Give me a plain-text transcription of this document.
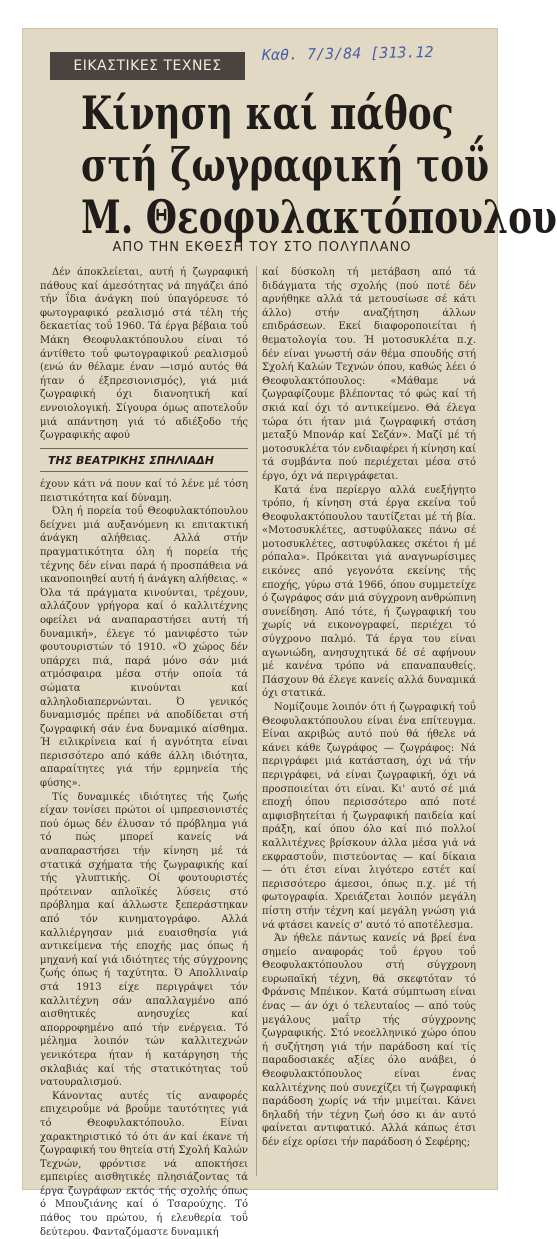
ΕΙΚΑΣΤΙΚΕΣ ΤΕΧΝΕΣ
Καθ. 7/3/84 [313.12
Κίνηση καί πάθος
στή ζωγραφική τοΰ
Μ. Θεοφυλακτόπουλου
ΑΠΟ ΤΗΝ ΕΚΘΕΣΗ ΤΟΥ ΣΤΟ ΠΟΛΥΠΛΑΝΟ

Δέν άποκλείεται, αυτή ή ζωγραφική πάθους καί άμεσότητας νά πηγάζει άπό τήν ΐδια άνάγκη πού ύπαγόρευσε τό φωτογραφικό ρεαλισμό στά τέλη τής δεκαετίας τοΰ 1960. Τά έργα βέβαια τοΰ Μάκη Θεοφυλακτόπουλου είναι τό άντίθετο τοΰ φωτογραφικοΰ ρεαλισμοΰ (ενώ άν θέλαμε έναν —ισμό αυτός θά ήταν ό έξπρεσιονισμός), γιά μιά ζωγραφική όχι διανοητική καί εννοιολογική. Σίγουρα όμως αποτελοΰν μιά απάντηση γιά τό αδιέξοδο τής ζωγραφικής αφού

ΤΗΣ ΒΕΑΤΡΙΚΗΣ ΣΠΗΛΙΑΔΗ

έχουν κάτι νά πουν καί τό λένε μέ τόση πειστικότητα καί δύναμη.

Όλη ή πορεία τοΰ Θεοφυλακτόπουλου δείχνει μιά αυξανόμενη κι επιτακτική άνάγκη αλήθειας. Αλλά στήν πραγματικότητα όλη ή πορεία τής τέχνης δέν είναι παρά ή προσπάθεια νά ικανοποιηθεί αυτή ή άνάγκη αλήθειας. « Όλα τά πράγματα κινούνται, τρέχουν, αλλάζουν γρήγορα καί ό καλλιτέχνης οφείλει νά αναπαραστήσει αυτή τή δυναμική», έλεγε τό μανιφέστο τών φουτουριστών τό 1910. «Ό χώρος δέν υπάρχει πιά, παρά μόνο σάν μιά ατμόσφαιρα μέσα στήν οποία τά σώματα κινούνται καί αλληλοδιαπερνώνται. Ό γενικός δυναμισμός πρέπει νά αποδίδεται στή ζωγραφική σάν ένα δυναμικό αίσθημα. Ή ειλικρίνεια καί ή αγνότητα είναι περισσότερο από κάθε άλλη ιδιότητα, απαραίτητες γιά τήν ερμηνεία τής φύσης».

Τίς δυναμικές ιδιότητες τής ζωής είχαν τονίσει πρώτοι οί ιμπρεσιονιστές πού όμως δέν έλυσαν τό πρόβλημα γιά τό πώς μπορεί κανείς νά αναπαραστήσει τήν κίνηση μέ τά στατικά σχήματα τής ζωγραφικής καί τής γλυπτικής. Οί φουτουριστές πρότειναν απλοϊκές λύσεις στό πρόβλημα καί άλλωστε ξεπεράστηκαν από τόν κινηματογράφο. Αλλά καλλιέργησαν μιά ευαισθησία γιά αντικείμενα τής εποχής μας όπως ή μηχανή καί γιά ιδιότητες τής σύγχρονης ζωής όπως ή ταχύτητα. Ό Απολλιναίρ στά 1913 είχε περιγράψει τόν καλλιτέχνη σάν απαλλαγμένο από αισθητικές ανησυχίες καί απορροφημένο από τήν ενέργεια. Τό μέλημα λοιπόν τών καλλιτεχνών γενικότερα ήταν ή κατάργηση τής σκλαβιάς καί τής στατικότητας τοΰ νατουραλισμού.

Κάνοντας αυτές τίς αναφορές επιχειροΰμε νά βροΰμε ταυτότητες γιά τό Θεοφυλακτόπουλο. Είναι χαρακτηριστικό τό ότι άν καί έκανε τή ζωγραφική του θητεία στή Σχολή Καλών Τεχνών, φρόντισε νά αποκτήσει εμπειρίες αισθητικές πλησιάζοντας τά έργα ζωγράφων εκτός τής σχολής όπως ό Μπουζιάνης καί ό Τσαρούχης. Τό πάθος του πρώτου, ή ελευθερία τοΰ δεύτερου. Φανταζόμαστε δυναμική

καί δύσκολη τή μετάβαση από τά διδάγματα τής σχολής (πού ποτέ δέν αρνήθηκε αλλά τά μετουσίωσε σέ κάτι άλλο) στήν αναζήτηση άλλων επιδράσεων. Εκεί διαφοροποιείται ή θεματολογία του. Ή μοτοσυκλέτα π.χ. δέν είναι γνωστή σάν θέμα σπουδής στή Σχολή Καλών Τεχνών όπου, καθώς λέει ό Θεοφυλακτόπουλος: «Μάθαμε νά ζωγραφίζουμε βλέποντας τό φώς καί τή σκιά καί όχι τό αντικείμενο. Θά έλεγα τώρα ότι ήταν μιά ζωγραφική στάση μεταξύ Μπονάρ καί Σεζάν». Μαζί μέ τή μοτοσυκλέτα τόν ενδιαφέρει ή κίνηση καί τά συμβάντα πού περιέχεται μέσα στό έργο, όχι νά περιγράφεται.

Κατά ένα περίεργο αλλά ευεξήγητο τρόπο, ή κίνηση στά έργα εκείνα τοΰ Θεοφυλακτόπουλου ταυτίζεται μέ τή βία. «Μοτοσυκλέτες, αστυφύλακες πάνω σέ μοτοσυκλέτες, αστυφύλακες σκέτοι ή μέ ρόπαλα». Πρόκειται γιά αναγνωρίσιμες εικόνες από γεγονότα εκείνης τής εποχής, γύρω στά 1966, όπου συμμετείχε ό ζωγράφος σάν μιά σύγχρονη ανθρώπινη συνείδηση. Από τότε, ή ζωγραφική του χωρίς νά εικονογραφεί, περιέχει τό σύγχρονο παλμό. Τά έργα του είναι αγωνιώδη, ανησυχητικά δέ σέ αφήνουν μέ κανένα τρόπο νά επαναπαυθείς. Πάσχουν θά έλεγε κανείς αλλά δυναμικά όχι στατικά.

Νομίζουμε λοιπόν ότι ή ζωγραφική τοΰ Θεοφυλακτόπουλου είναι ένα επίτευγμα. Είναι ακριβώς αυτό πού θά ήθελε νά κάνει κάθε ζωγράφος — ζωγράφος: Νά περιγράφει μιά κατάσταση, όχι νά τήν περιγράφει, νά είναι ζωγραφική, όχι νά προσποιείται ότι είναι. Κι' αυτό σέ μιά εποχή όπου περισσότερο από ποτέ αμφισβητείται ή ζωγραφική παιδεία καί πράξη, καί όπου όλο καί πιό πολλοί καλλιτέχνες βρίσκουν άλλα μέσα γιά νά εκφραστοΰν, πιστεύοντας — καί δίκαια — ότι έτσι είναι λιγότερο εστέτ καί περισσότερο άμεσοι, όπως π.χ. μέ τή φωτογραφία. Χρειάζεται λοιπόν μεγάλη πίστη στήν τέχνη καί μεγάλη γνώση γιά νά φτάσει κανείς σ' αυτό τό αποτέλεσμα.

Άν ήθελε πάντως κανείς νά βρεί ένα σημείο αναφοράς τοΰ έργου τοΰ Θεοφυλακτόπουλου στή σύγχρονη ευρωπαϊκή τέχνη, θά σκεφτόταν τό Φράνσις Μπέικον. Κατά σύμπτωση είναι ένας — άν όχι ό τελευταίος — από τούς μεγάλους μαΐτρ τής σύγχρονης ζωγραφικής. Στό νεοελληνικό χώρο όπου ή συζήτηση γιά τήν παράδοση καί τίς παραδοσιακές αξίες όλο ανάβει, ό Θεοφυλακτόπουλος είναι ένας καλλιτέχνης πού συνεχίζει τή ζωγραφική παράδοση χωρίς νά τήν μιμείται. Κάνει δηλαδή τήν τέχνη ζωή όσο κι άν αυτό φαίνεται αντιφατικό. Αλλά κάπως έτσι δέν είχε ορίσει τήν παράδοση ό Σεφέρης;
